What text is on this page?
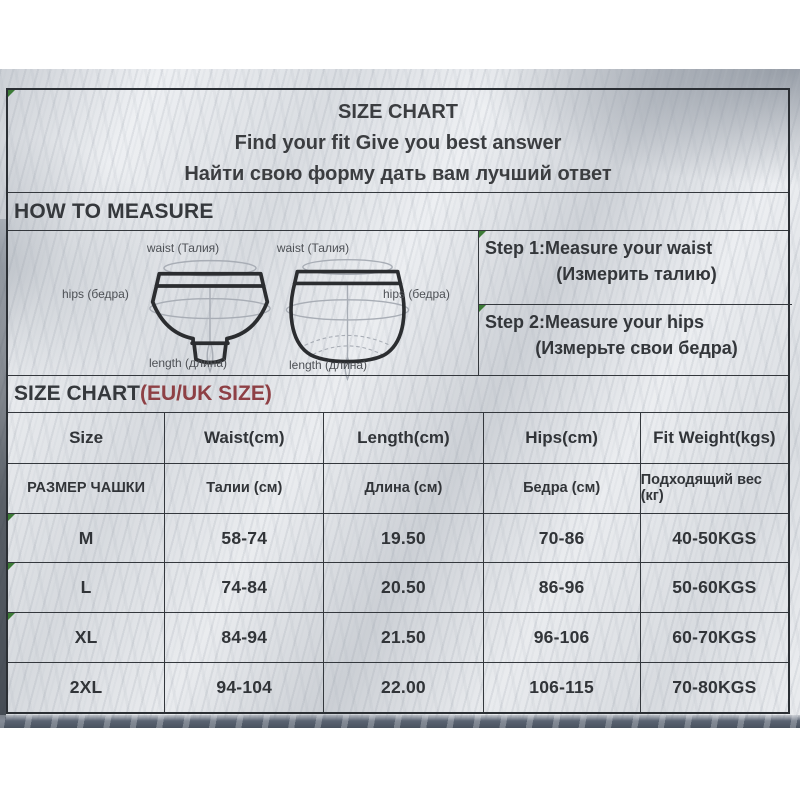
SIZE CHART
Find your fit Give you best answer
Найти свою форму дать вам лучший ответ
HOW TO MEASURE
waist (Талия)
hips (бедра)
length (длина)
waist (Талия)
hips (бедра)
length (длина)
Step 1:Measure your waist
(Измерить талию)
Step 2:Measure your hips
(Измерьте свои бедра)
SIZE CHART (EU/UK SIZE)
Size	Waist(cm)	Length(cm)	Hips(cm)	Fit Weight(kgs)
РАЗМЕР ЧАШКИ	Талии (см)	Длина (см)	Бедра (см)	Подходящий вес (кг)
M	58-74	19.50	70-86	40-50KGS
L	74-84	20.50	86-96	50-60KGS
XL	84-94	21.50	96-106	60-70KGS
2XL	94-104	22.00	106-115	70-80KGS
